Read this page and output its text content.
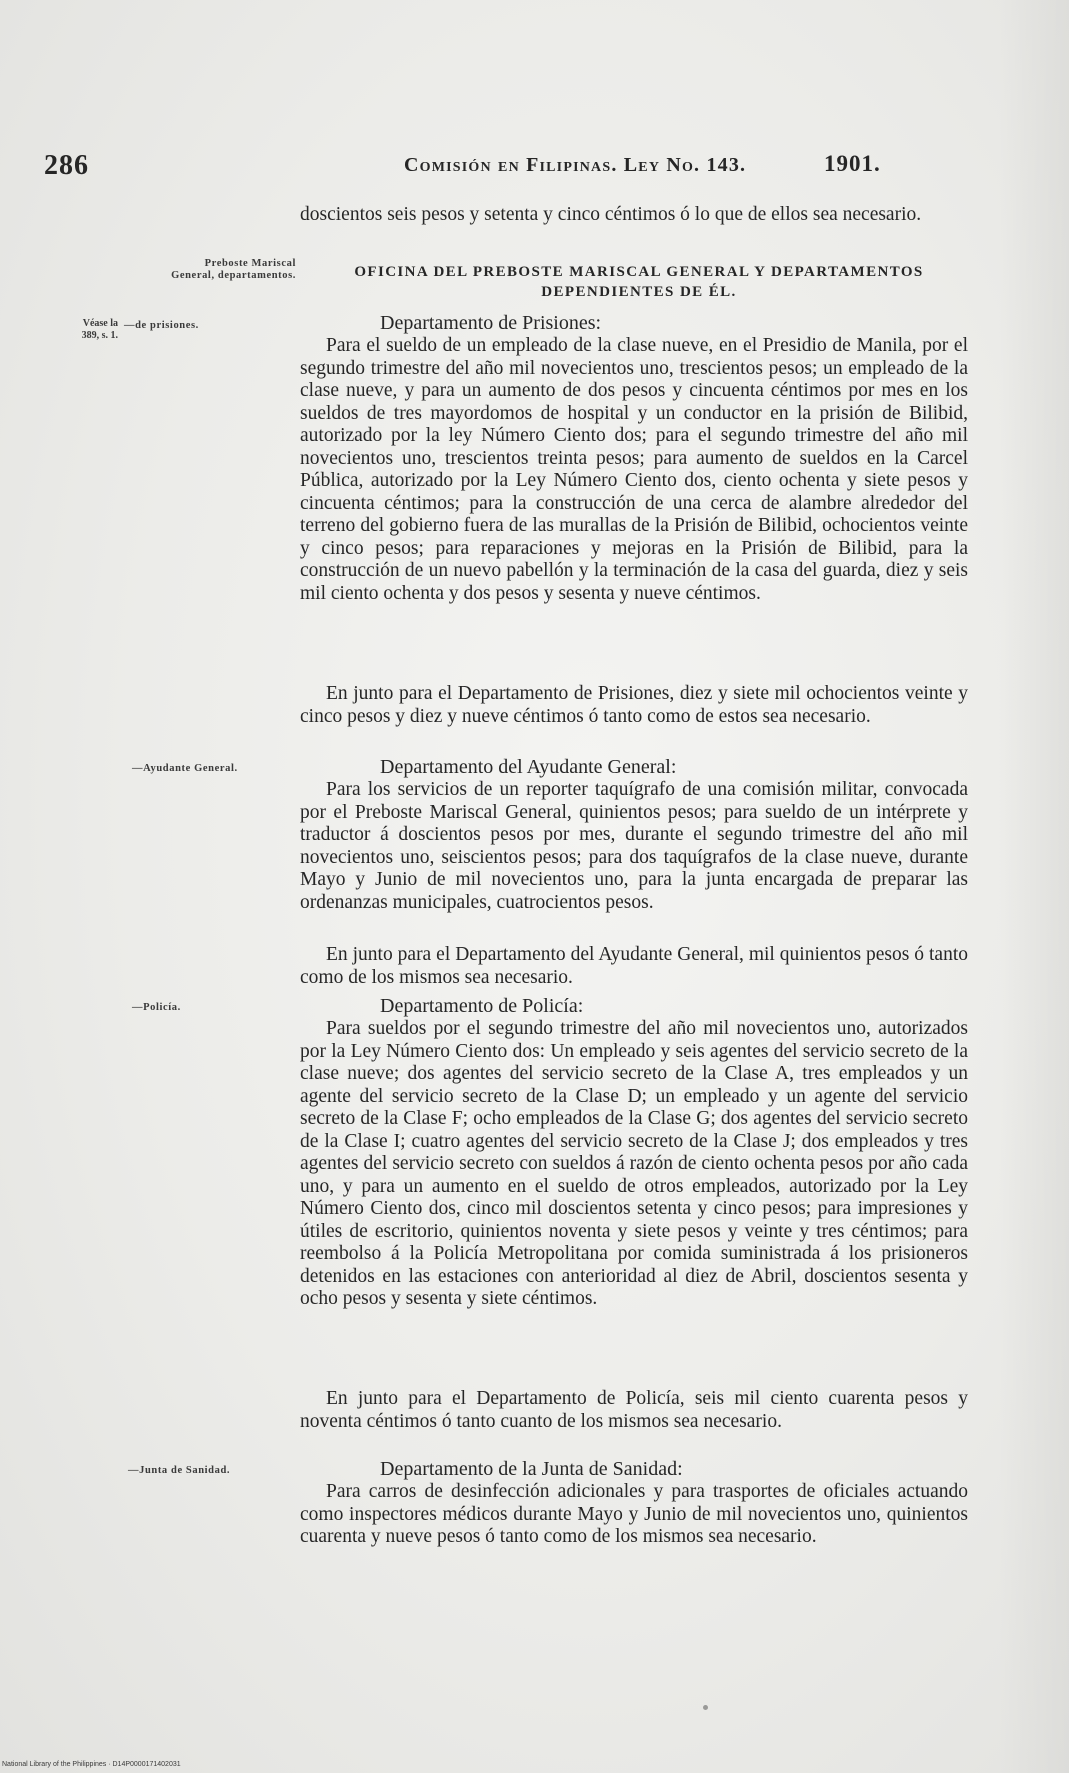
286	Comisión en Filipinas. Ley No. 143.	1901.

doscientos seis pesos y setenta y cinco céntimos ó lo que de ellos sea necesario.

Preboste Mariscal
General, departamentos.	OFICINA DEL PREBOSTE MARISCAL GENERAL Y DEPARTAMENTOS DEPENDIENTES DE ÉL.
Véase la
389, s. 1.
—de prisiones.	Departamento de Prisiones:

Para el sueldo de un empleado de la clase nueve, en el Presidio de Manila, por el segundo trimestre del año mil novecientos uno, trescientos pesos; un empleado de la clase nueve, y para un aumento de dos pesos y cincuenta céntimos por mes en los sueldos de tres mayordomos de hospital y un conductor en la prisión de Bilibid, autorizado por la ley Número Ciento dos; para el segundo trimestre del año mil novecientos uno, trescientos treinta pesos; para aumento de sueldos en la Carcel Pública, autorizado por la Ley Número Ciento dos, ciento ochenta y siete pesos y cincuenta céntimos; para la construcción de una cerca de alambre alrededor del terreno del gobierno fuera de las murallas de la Prisión de Bilibid, ochocientos veinte y cinco pesos; para reparaciones y mejoras en la Prisión de Bilibid, para la construcción de un nuevo pabellón y la terminación de la casa del guarda, diez y seis mil ciento ochenta y dos pesos y sesenta y nueve céntimos.

En junto para el Departamento de Prisiones, diez y siete mil ochocientos veinte y cinco pesos y diez y nueve céntimos ó tanto como de estos sea necesario.

—Ayudante General.	Departamento del Ayudante General:

Para los servicios de un reporter taquígrafo de una comisión militar, convocada por el Preboste Mariscal General, quinientos pesos; para sueldo de un intérprete y traductor á doscientos pesos por mes, durante el segundo trimestre del año mil novecientos uno, seiscientos pesos; para dos taquígrafos de la clase nueve, durante Mayo y Junio de mil novecientos uno, para la junta encargada de preparar las ordenanzas municipales, cuatrocientos pesos.

En junto para el Departamento del Ayudante General, mil quinientos pesos ó tanto como de los mismos sea necesario.

—Policía.	Departamento de Policía:

Para sueldos por el segundo trimestre del año mil novecientos uno, autorizados por la Ley Número Ciento dos: Un empleado y seis agentes del servicio secreto de la clase nueve; dos agentes del servicio secreto de la Clase A, tres empleados y un agente del servicio secreto de la Clase D; un empleado y un agente del servicio secreto de la Clase F; ocho empleados de la Clase G; dos agentes del servicio secreto de la Clase I; cuatro agentes del servicio secreto de la Clase J; dos empleados y tres agentes del servicio secreto con sueldos á razón de ciento ochenta pesos por año cada uno, y para un aumento en el sueldo de otros empleados, autorizado por la Ley Número Ciento dos, cinco mil doscientos setenta y cinco pesos; para impresiones y útiles de escritorio, quinientos noventa y siete pesos y veinte y tres céntimos; para reembolso á la Policía Metropolitana por comida suministrada á los prisioneros detenidos en las estaciones con anterioridad al diez de Abril, doscientos sesenta y ocho pesos y sesenta y siete céntimos.

En junto para el Departamento de Policía, seis mil ciento cuarenta pesos y noventa céntimos ó tanto cuanto de los mismos sea necesario.

—Junta de Sanidad.	Departamento de la Junta de Sanidad:

Para carros de desinfección adicionales y para trasportes de oficiales actuando como inspectores médicos durante Mayo y Junio de mil novecientos uno, quinientos cuarenta y nueve pesos ó tanto como de los mismos sea necesario.

National Library of the Philippines · D14P0000171402031
